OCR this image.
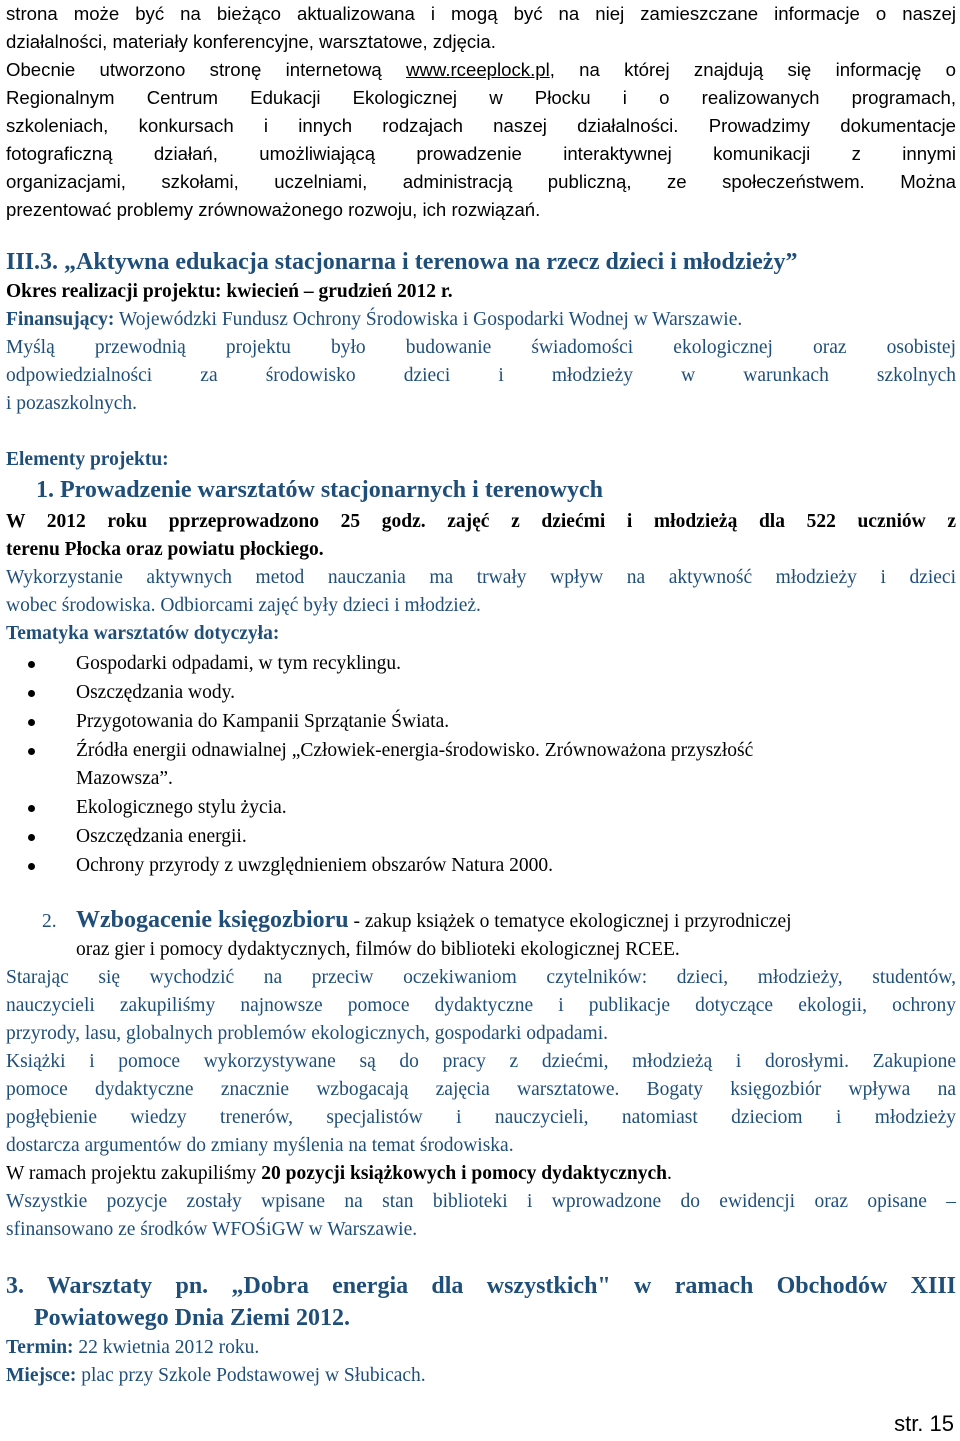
strona może być na bieżąco aktualizowana i mogą być na niej zamieszczane informacje o naszej

działalności, materiały konferencyjne, warsztatowe, zdjęcia.

Obecnie utworzono stronę internetową www.rceeplock.pl, na której znajdują się informację o

Regionalnym Centrum Edukacji Ekologicznej w Płocku i o realizowanych programach,

szkoleniach, konkursach i innych rodzajach naszej działalności. Prowadzimy dokumentacje

fotograficzną działań, umożliwiającą prowadzenie interaktywnej komunikacji z innymi

organizacjami, szkołami, uczelniami, administracją publiczną, ze społeczeństwem. Można

prezentować problemy zrównoważonego rozwoju, ich rozwiązań.

III.3. „Aktywna edukacja stacjonarna i terenowa na rzecz dzieci i młodzieży”

Okres realizacji projektu: kwiecień – grudzień 2012 r.

Finansujący: Wojewódzki Fundusz Ochrony Środowiska i Gospodarki Wodnej w Warszawie.

Myślą przewodnią projektu było budowanie świadomości ekologicznej oraz osobistej

odpowiedzialności za środowisko dzieci i młodzieży w warunkach szkolnych

i pozaszkolnych.

Elementy projektu:

1. Prowadzenie warsztatów stacjonarnych i terenowych

W 2012 roku pprzeprowadzono 25 godz. zajęć z dziećmi i młodzieżą dla 522 uczniów z

terenu Płocka oraz powiatu płockiego.

Wykorzystanie aktywnych metod nauczania ma trwały wpływ na aktywność młodzieży i dzieci

wobec środowiska. Odbiorcami zajęć były dzieci i młodzież.

Tematyka warsztatów dotyczyła:

Gospodarki odpadami, w tym recyklingu.
Oszczędzania wody.
Przygotowania do Kampanii Sprzątanie Świata.
Źródła energii odnawialnej „Człowiek-energia-środowisko. Zrównoważona przyszłość
Mazowsza”.
Ekologicznego stylu życia.
Oszczędzania energii.
Ochrony przyrody z uwzględnieniem obszarów Natura 2000.
2. Wzbogacenie księgozbioru - zakup książek o tematyce ekologicznej i przyrodniczej

oraz gier i pomocy dydaktycznych, filmów do biblioteki ekologicznej RCEE.

Starając się wychodzić na przeciw oczekiwaniom czytelników: dzieci, młodzieży, studentów,

nauczycieli zakupiliśmy najnowsze pomoce dydaktyczne i publikacje dotyczące ekologii, ochrony

przyrody, lasu, globalnych problemów ekologicznych, gospodarki odpadami.

Książki i pomoce wykorzystywane są do pracy z dziećmi, młodzieżą i dorosłymi. Zakupione

pomoce dydaktyczne znacznie wzbogacają zajęcia warsztatowe. Bogaty księgozbiór wpływa na

pogłębienie wiedzy trenerów, specjalistów i nauczycieli, natomiast dzieciom i młodzieży

dostarcza argumentów do zmiany myślenia na temat środowiska.

W ramach projektu zakupiliśmy 20 pozycji książkowych i pomocy dydaktycznych.

Wszystkie pozycje zostały wpisane na stan biblioteki i wprowadzone do ewidencji oraz opisane –

sfinansowano ze środków WFOŚiGW w Warszawie.

3. Warsztaty pn. „Dobra energia dla wszystkich" w ramach Obchodów XIII

Powiatowego Dnia Ziemi 2012.

Termin: 22 kwietnia 2012 roku.

Miejsce: plac przy Szkole Podstawowej w Słubicach.

str. 15
